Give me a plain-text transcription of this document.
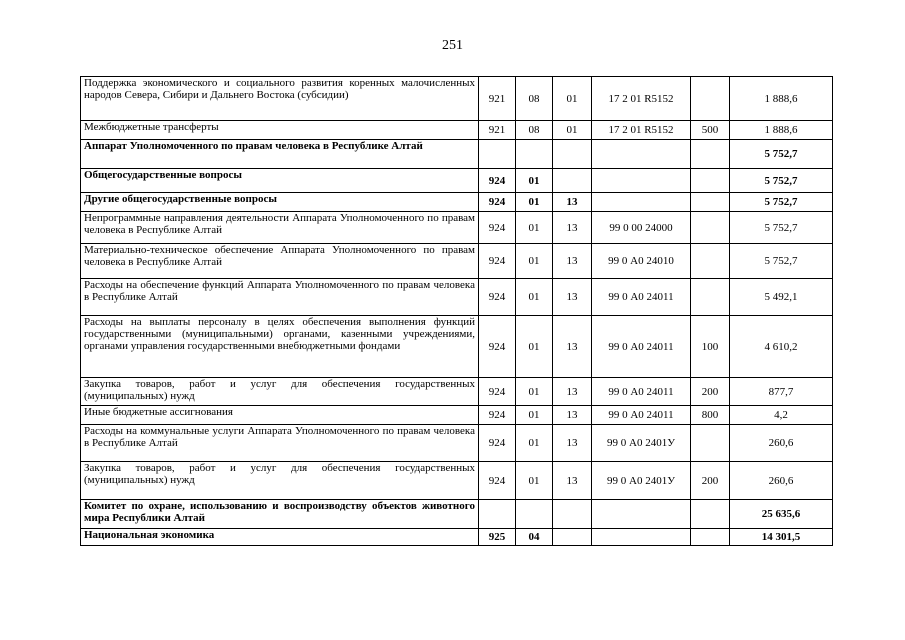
251
Поддержка экономического и социального развития коренных малочисленных народов Севера, Сибири и Дальнего Востока (субсидии)	921	08	01	17 2 01 R5152		1 888,6
Межбюджетные трансферты	921	08	01	17 2 01 R5152	500	1 888,6
Аппарат Уполномоченного по правам человека в Республике Алтай						5 752,7
Общегосударственные вопросы	924	01				5 752,7
Другие общегосударственные вопросы	924	01	13			5 752,7
Непрограммные направления деятельности Аппарата Уполномоченного по правам человека в Республике Алтай	924	01	13	99 0 00 24000		5 752,7
Материально-техническое обеспечение Аппарата Уполномоченного по правам человека в Республике Алтай	924	01	13	99 0 А0 24010		5 752,7
Расходы на обеспечение функций Аппарата Уполномоченного по правам человека в Республике Алтай	924	01	13	99 0 А0 24011		5 492,1
Расходы на выплаты персоналу в целях обеспечения выполнения функций государственными (муниципальными) органами, казенными учреждениями, органами управления государственными внебюджетными фондами	924	01	13	99 0 А0 24011	100	4 610,2
Закупка товаров, работ и услуг для обеспечения государственных (муниципальных) нужд	924	01	13	99 0 А0 24011	200	877,7
Иные бюджетные ассигнования	924	01	13	99 0 А0 24011	800	4,2
Расходы на коммунальные услуги Аппарата Уполномоченного по правам человека в Республике Алтай	924	01	13	99 0 А0 2401У		260,6
Закупка товаров, работ и услуг для обеспечения государственных (муниципальных) нужд	924	01	13	99 0 А0 2401У	200	260,6
Комитет по охране, использованию и воспроизводству объектов животного мира Республики Алтай						25 635,6
Национальная экономика	925	04				14 301,5
